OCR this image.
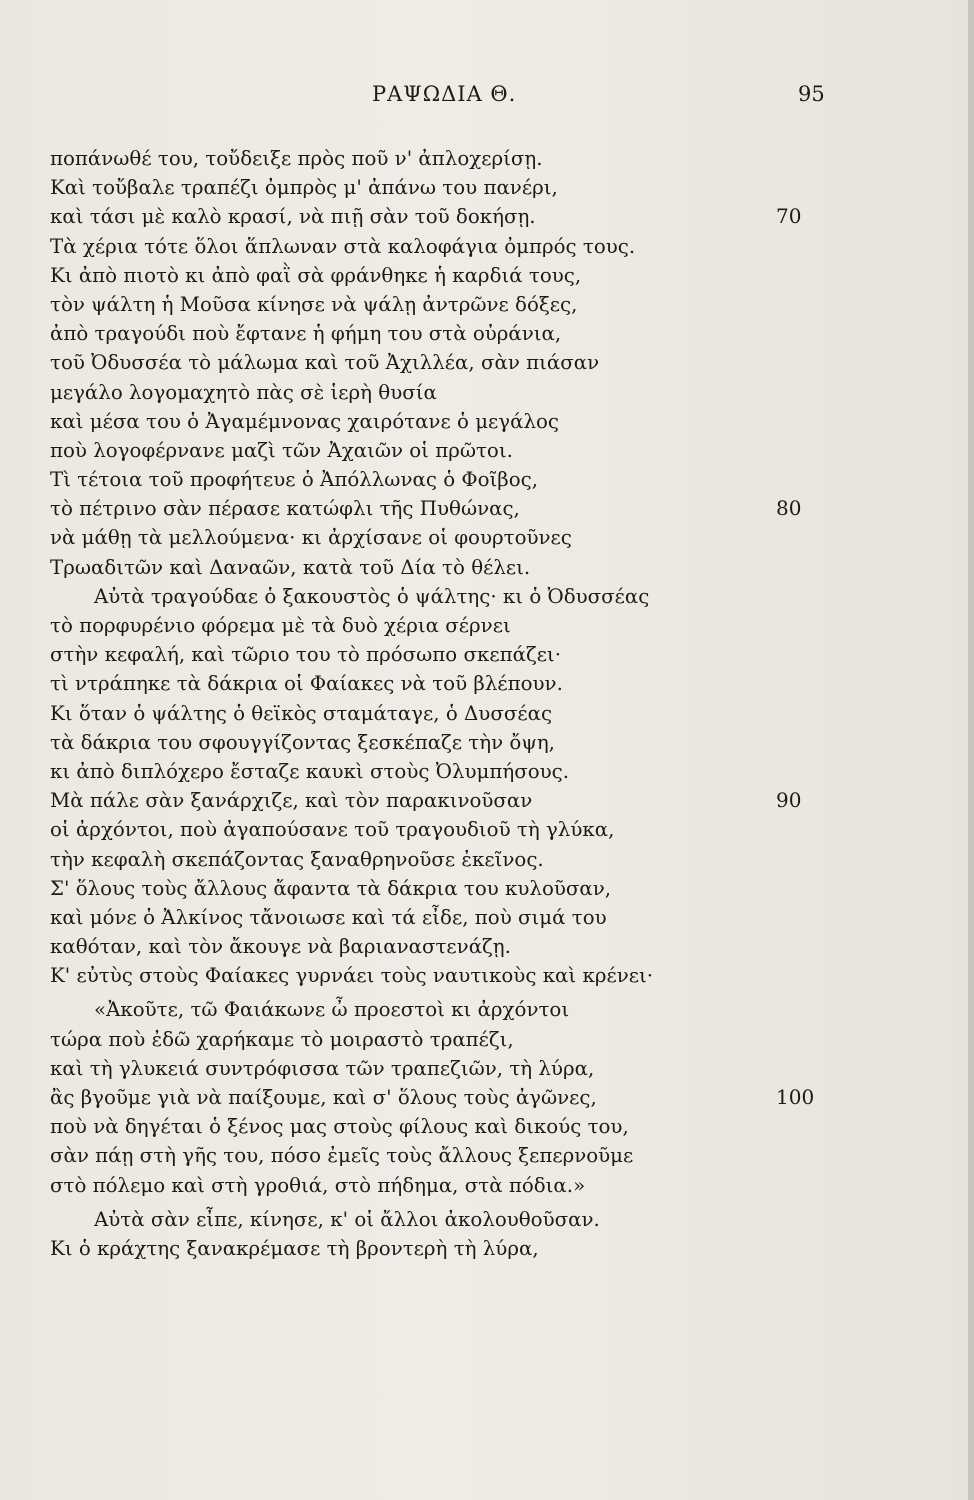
ΡΑΨΩΔΙΑ Θ.	95
ποπάνωθέ του, τοὔδειξε πρὸς ποῦ ν' ἀπλοχερίσῃ.
Καὶ τοὔβαλε τραπέζι ὀμπρὸς μ' ἀπάνω του πανέρι,
καὶ τάσι μὲ καλὸ κρασί, νὰ πιῇ σὰν τοῦ δοκήσῃ.	70
Τὰ χέρια τότε ὅλοι ἅπλωναν στὰ καλοφάγια ὀμπρός τους.
Κι ἀπὸ πιοτὸ κι ἀπὸ φαῒ σὰ φράνθηκε ἡ καρδιά τους,
τὸν ψάλτη ἡ Μοῦσα κίνησε νὰ ψάλῃ ἀντρῶνε δόξες,
ἀπὸ τραγούδι ποὺ ἔφτανε ἡ φήμη του στὰ οὐράνια,
τοῦ Ὀδυσσέα τὸ μάλωμα καὶ τοῦ Ἀχιλλέα, σὰν πιάσαν
μεγάλο λογομαχητὸ πὰς σὲ ἱερὴ θυσία
καὶ μέσα του ὁ Ἀγαμέμνονας χαιρότανε ὁ μεγάλος
ποὺ λογοφέρνανε μαζὶ τῶν Ἀχαιῶν οἱ πρῶτοι.
Τὶ τέτοια τοῦ προφήτευε ὁ Ἀπόλλωνας ὁ Φοῖβος,
τὸ πέτρινο σὰν πέρασε κατώφλι τῆς Πυθώνας,	80
νὰ μάθῃ τὰ μελλούμενα· κι ἀρχίσανε οἱ φουρτοῦνες
Τρωαδιτῶν καὶ Δαναῶν, κατὰ τοῦ Δία τὸ θέλει.
Αὐτὰ τραγούδαε ὁ ξακουστὸς ὁ ψάλτης· κι ὁ Ὀδυσσέας
τὸ πορφυρένιο φόρεμα μὲ τὰ δυὸ χέρια σέρνει
στὴν κεφαλή, καὶ τῶριο του τὸ πρόσωπο σκεπάζει·
τὶ ντράπηκε τὰ δάκρια οἱ Φαίακες νὰ τοῦ βλέπουν.
Κι ὅταν ὁ ψάλτης ὁ θεϊκὸς σταμάταγε, ὁ Δυσσέας
τὰ δάκρια του σφουγγίζοντας ξεσκέπαζε τὴν ὄψη,
κι ἀπὸ διπλόχερο ἔσταζε καυκὶ στοὺς Ὀλυμπήσους.
Μὰ πάλε σὰν ξανάρχιζε, καὶ τὸν παρακινοῦσαν	90
οἱ ἀρχόντοι, ποὺ ἀγαπούσανε τοῦ τραγουδιοῦ τὴ γλύκα,
τὴν κεφαλὴ σκεπάζοντας ξαναθρηνοῦσε ἐκεῖνος.
Σ' ὅλους τοὺς ἄλλους ἄφαντα τὰ δάκρια του κυλοῦσαν,
καὶ μόνε ὁ Ἀλκίνος τἄνοιωσε καὶ τά εἶδε, ποὺ σιμά του
καθόταν, καὶ τὸν ἄκουγε νὰ βαριαναστενάζῃ.
Κ' εὐτὺς στοὺς Φαίακες γυρνάει τοὺς ναυτικοὺς καὶ κρένει·
«Ἀκοῦτε, τῶ Φαιάκωνε ὦ προεστοὶ κι ἀρχόντοι
τώρα ποὺ ἐδῶ χαρήκαμε τὸ μοιραστὸ τραπέζι,
καὶ τὴ γλυκειά συντρόφισσα τῶν τραπεζιῶν, τὴ λύρα,
ἂς βγοῦμε γιὰ νὰ παίξουμε, καὶ σ' ὅλους τοὺς ἀγῶνες,	100
ποὺ νὰ δηγέται ὁ ξένος μας στοὺς φίλους καὶ δικούς του,
σὰν πάῃ στὴ γῆς του, πόσο ἐμεῖς τοὺς ἄλλους ξεπερνοῦμε
στὸ πόλεμο καὶ στὴ γροθιά, στὸ πήδημα, στὰ πόδια.»
Αὐτὰ σὰν εἶπε, κίνησε, κ' οἱ ἄλλοι ἀκολουθοῦσαν.
Κι ὁ κράχτης ξανακρέμασε τὴ βροντερὴ τὴ λύρα,
